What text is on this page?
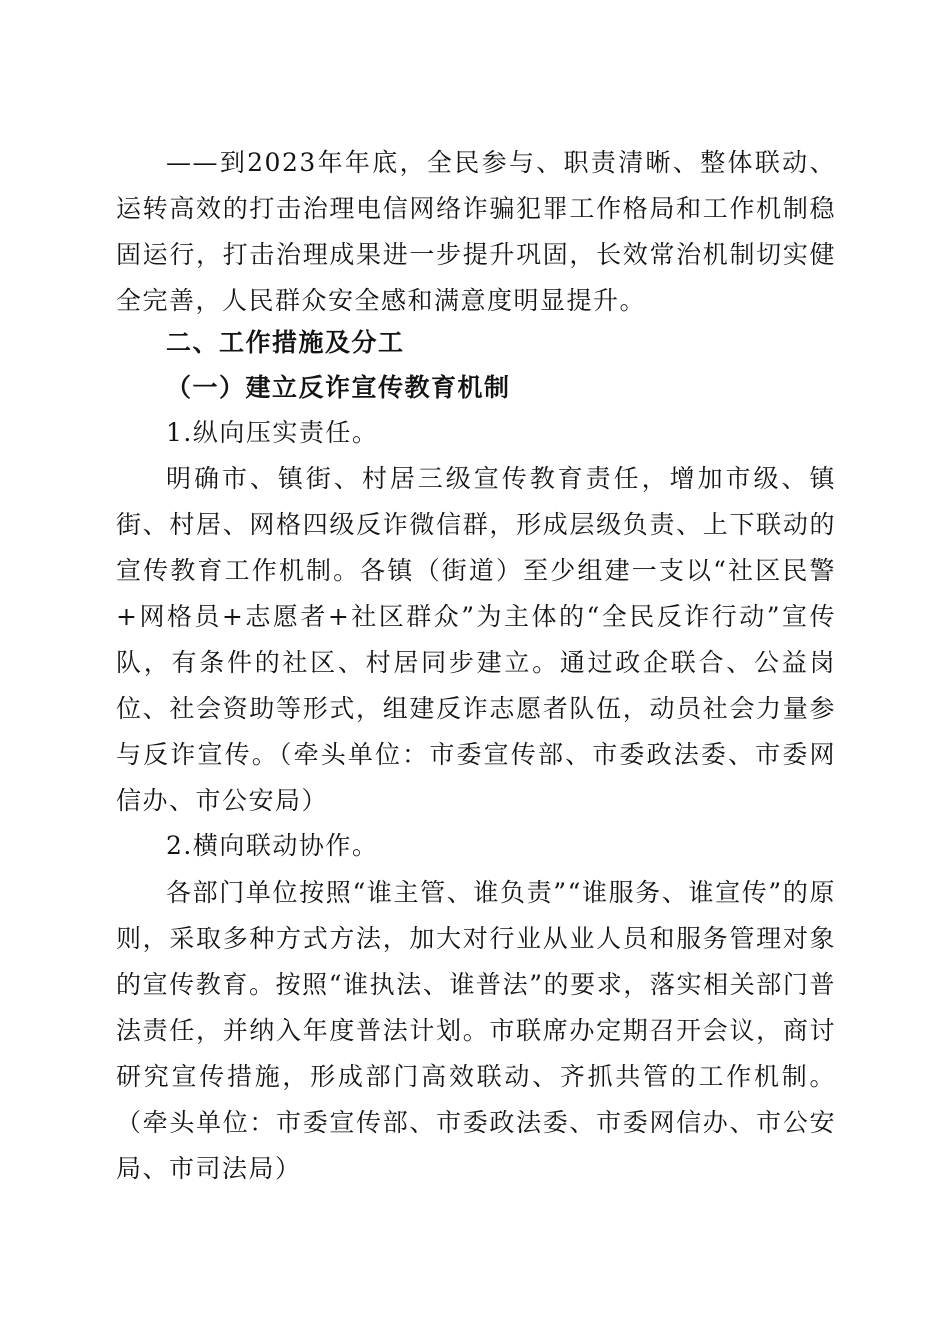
——到2023年年底，全民参与、职责清晰、整体联动、运转高效的打击治理电信网络诈骗犯罪工作格局和工作机制稳固运行，打击治理成果进一步提升巩固，长效常治机制切实健全完善，人民群众安全感和满意度明显提升。

二、工作措施及分工

（一）建立反诈宣传教育机制

1.纵向压实责任。

明确市、镇街、村居三级宣传教育责任，增加市级、镇街、村居、网格四级反诈微信群，形成层级负责、上下联动的宣传教育工作机制。各镇（街道）至少组建一支以“社区民警+网格员+志愿者+社区群众”为主体的“全民反诈行动”宣传队，有条件的社区、村居同步建立。通过政企联合、公益岗位、社会资助等形式，组建反诈志愿者队伍，动员社会力量参与反诈宣传。（牵头单位：市委宣传部、市委政法委、市委网信办、市公安局）

2.横向联动协作。

各部门单位按照“谁主管、谁负责”“谁服务、谁宣传”的原则，采取多种方式方法，加大对行业从业人员和服务管理对象的宣传教育。按照“谁执法、谁普法”的要求，落实相关部门普法责任，并纳入年度普法计划。市联席办定期召开会议，商讨研究宣传措施，形成部门高效联动、齐抓共管的工作机制。（牵头单位：市委宣传部、市委政法委、市委网信办、市公安局、市司法局）
